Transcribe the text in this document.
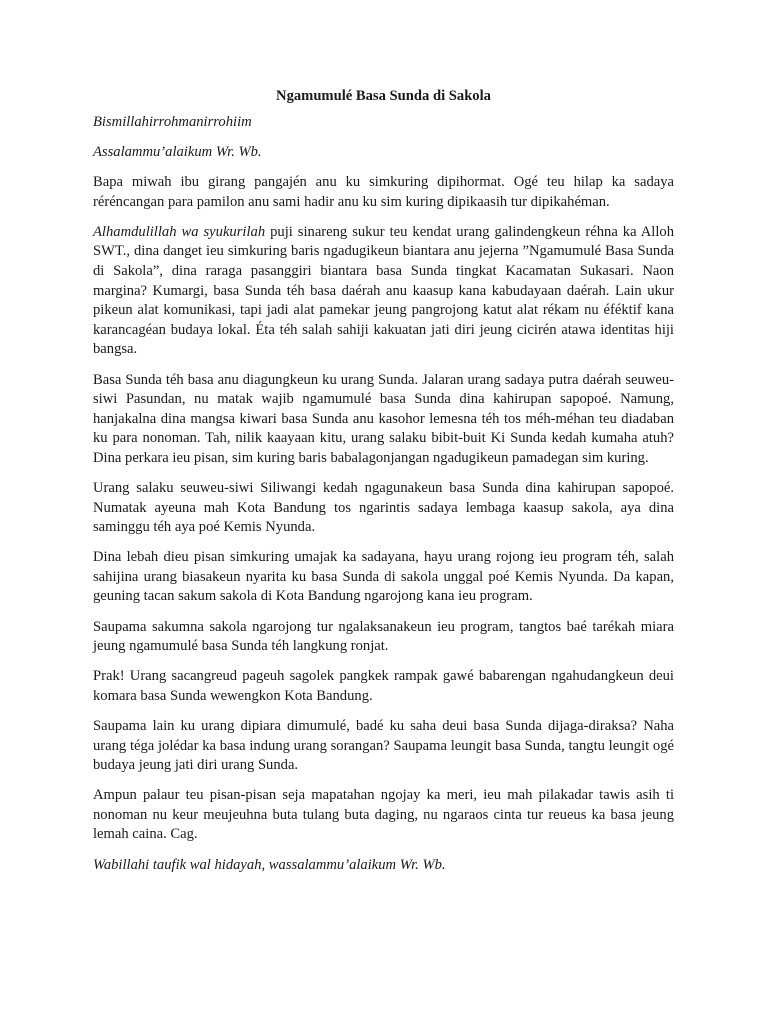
Ngamumulé Basa Sunda di Sakola

Bismillahirrohmanirrohiim

Assalammu’alaikum Wr. Wb.

Bapa miwah ibu girang pangajén anu ku simkuring dipihormat. Ogé teu hilap ka sadaya réréncangan para pamilon anu sami hadir anu ku sim kuring dipikaasih tur dipikahéman.

Alhamdulillah wa syukurilah puji sinareng sukur teu kendat urang galindengkeun réhna ka Alloh SWT., dina danget ieu simkuring baris ngadugikeun biantara anu jejerna ”Ngamumulé Basa Sunda di Sakola”, dina raraga pasanggiri biantara basa Sunda tingkat Kacamatan Sukasari. Naon margina? Kumargi, basa Sunda téh basa daérah anu kaasup kana kabudayaan daérah. Lain ukur pikeun alat komunikasi, tapi jadi alat pamekar jeung pangrojong katut alat rékam nu éféktif kana karancagéan budaya lokal. Éta téh salah sahiji kakuatan jati diri jeung cicirén atawa identitas hiji bangsa.

Basa Sunda téh basa anu diagungkeun ku urang Sunda. Jalaran urang sadaya putra daérah seuweu-siwi Pasundan, nu matak wajib ngamumulé basa Sunda dina kahirupan sapopoé. Namung, hanjakalna dina mangsa kiwari basa Sunda anu kasohor lemesna téh tos méh-méhan teu diadaban ku para nonoman. Tah, nilik kaayaan kitu, urang salaku bibit-buit Ki Sunda kedah kumaha atuh? Dina perkara ieu pisan, sim kuring baris babalagonjangan ngadugikeun pamadegan sim kuring.

Urang salaku seuweu-siwi Siliwangi kedah ngagunakeun basa Sunda dina kahirupan sapopoé. Numatak ayeuna mah Kota Bandung tos ngarintis sadaya lembaga kaasup sakola, aya dina saminggu téh aya poé Kemis Nyunda.

Dina lebah dieu pisan simkuring umajak ka sadayana, hayu urang rojong ieu program téh, salah sahijina urang biasakeun nyarita ku basa Sunda di sakola unggal poé Kemis Nyunda. Da kapan, geuning tacan sakum sakola di Kota Bandung ngarojong kana ieu program.

Saupama sakumna sakola ngarojong tur ngalaksanakeun ieu program, tangtos baé tarékah miara jeung ngamumulé basa Sunda téh langkung ronjat.

Prak! Urang sacangreud pageuh sagolek pangkek rampak gawé babarengan ngahudangkeun deui komara basa Sunda wewengkon Kota Bandung.

Saupama lain ku urang dipiara dimumulé, badé ku saha deui basa Sunda dijaga-diraksa? Naha urang téga jolédar ka basa indung urang sorangan? Saupama leungit basa Sunda, tangtu leungit ogé budaya jeung jati diri urang Sunda.

Ampun palaur teu pisan-pisan seja mapatahan ngojay ka meri, ieu mah pilakadar tawis asih ti nonoman nu keur meujeuhna buta tulang buta daging, nu ngaraos cinta tur reueus ka basa jeung lemah caina. Cag.

Wabillahi taufik wal hidayah, wassalammu’alaikum Wr. Wb.
